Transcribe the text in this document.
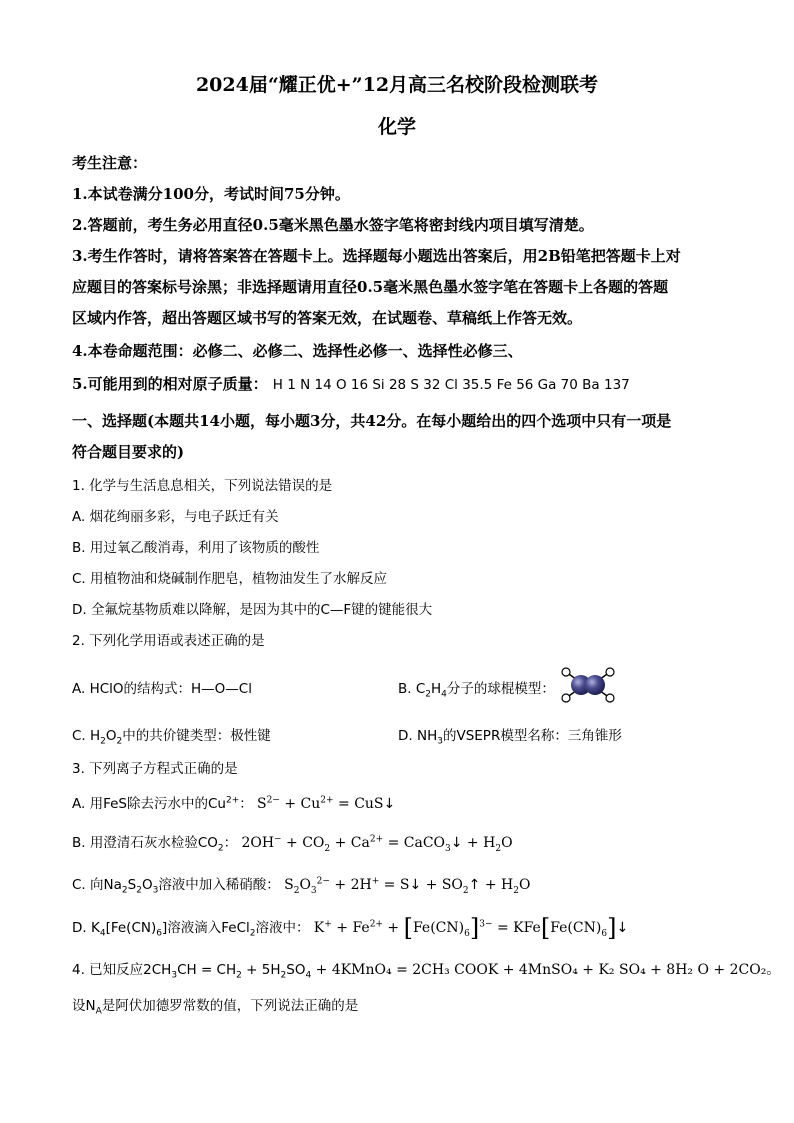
2024届“耀正优+”12月高三名校阶段检测联考
化学
考生注意：
1.本试卷满分100分，考试时间75分钟。
2.答题前，考生务必用直径0.5毫米黑色墨水签字笔将密封线内项目填写清楚。
3.考生作答时，请将答案答在答题卡上。选择题每小题选出答案后，用2B铅笔把答题卡上对
应题目的答案标号涂黑；非选择题请用直径0.5毫米黑色墨水签字笔在答题卡上各题的答题
区域内作答，超出答题区域书写的答案无效，在试题卷、草稿纸上作答无效。
4.本卷命题范围：必修二、必修二、选择性必修一、选择性必修三、
5.可能用到的相对原子质量： H 1 N 14 O 16 Si 28 S 32 Cl 35.5 Fe 56 Ga 70 Ba 137
一、选择题(本题共14小题，每小题3分，共42分。在每小题给出的四个选项中只有一项是
符合题目要求的)
1. 化学与生活息息相关，下列说法错误的是
A. 烟花绚丽多彩，与电子跃迁有关
B. 用过氧乙酸消毒，利用了该物质的酸性
C. 用植物油和烧碱制作肥皂，植物油发生了水解反应
D. 全氟烷基物质难以降解，是因为其中的C—F键的键能很大
2. 下列化学用语或表述正确的是
A. HClO的结构式：H—O—Cl	B. $C_2H_4$分子的球棍模型：
C. $H_2O_2$中的共价键类型：极性键	D. $NH_3$的VSEPR模型名称：三角锥形
3. 下列离子方程式正确的是
A. 用FeS除去污水中的$Cu^{2+}$： $S^{2-} + Cu^{2+}$ = CuS↓
B. 用澄清石灰水检验$CO_2$： $2OH^- + CO_2 + Ca^{2+}$ = CaCO$_3$↓ + $H_2O$
C. 向$Na_2S_2O_3$溶液中加入稀硝酸： $S_2O_3^{2-} + 2H^+$ = S↓ + $SO_2↑ + H_2O$
D. $K_4[Fe(CN)_6]$溶液滴入FeCl$_2$溶液中： $K^+ + Fe^{2+} + [Fe(CN)_6]^{3-}$ = $KFe[Fe(CN)_6]↓$
4. 已知反应$2CH_3CH = CH_2 + 5H_2SO_4$ + 4KMnO₄ = 2CH₃ COOK + 4MnSO₄ + K₂ SO₄ + 8H₂ O + 2CO₂。
设$N_A$是阿伏加德罗常数的值，下列说法正确的是
